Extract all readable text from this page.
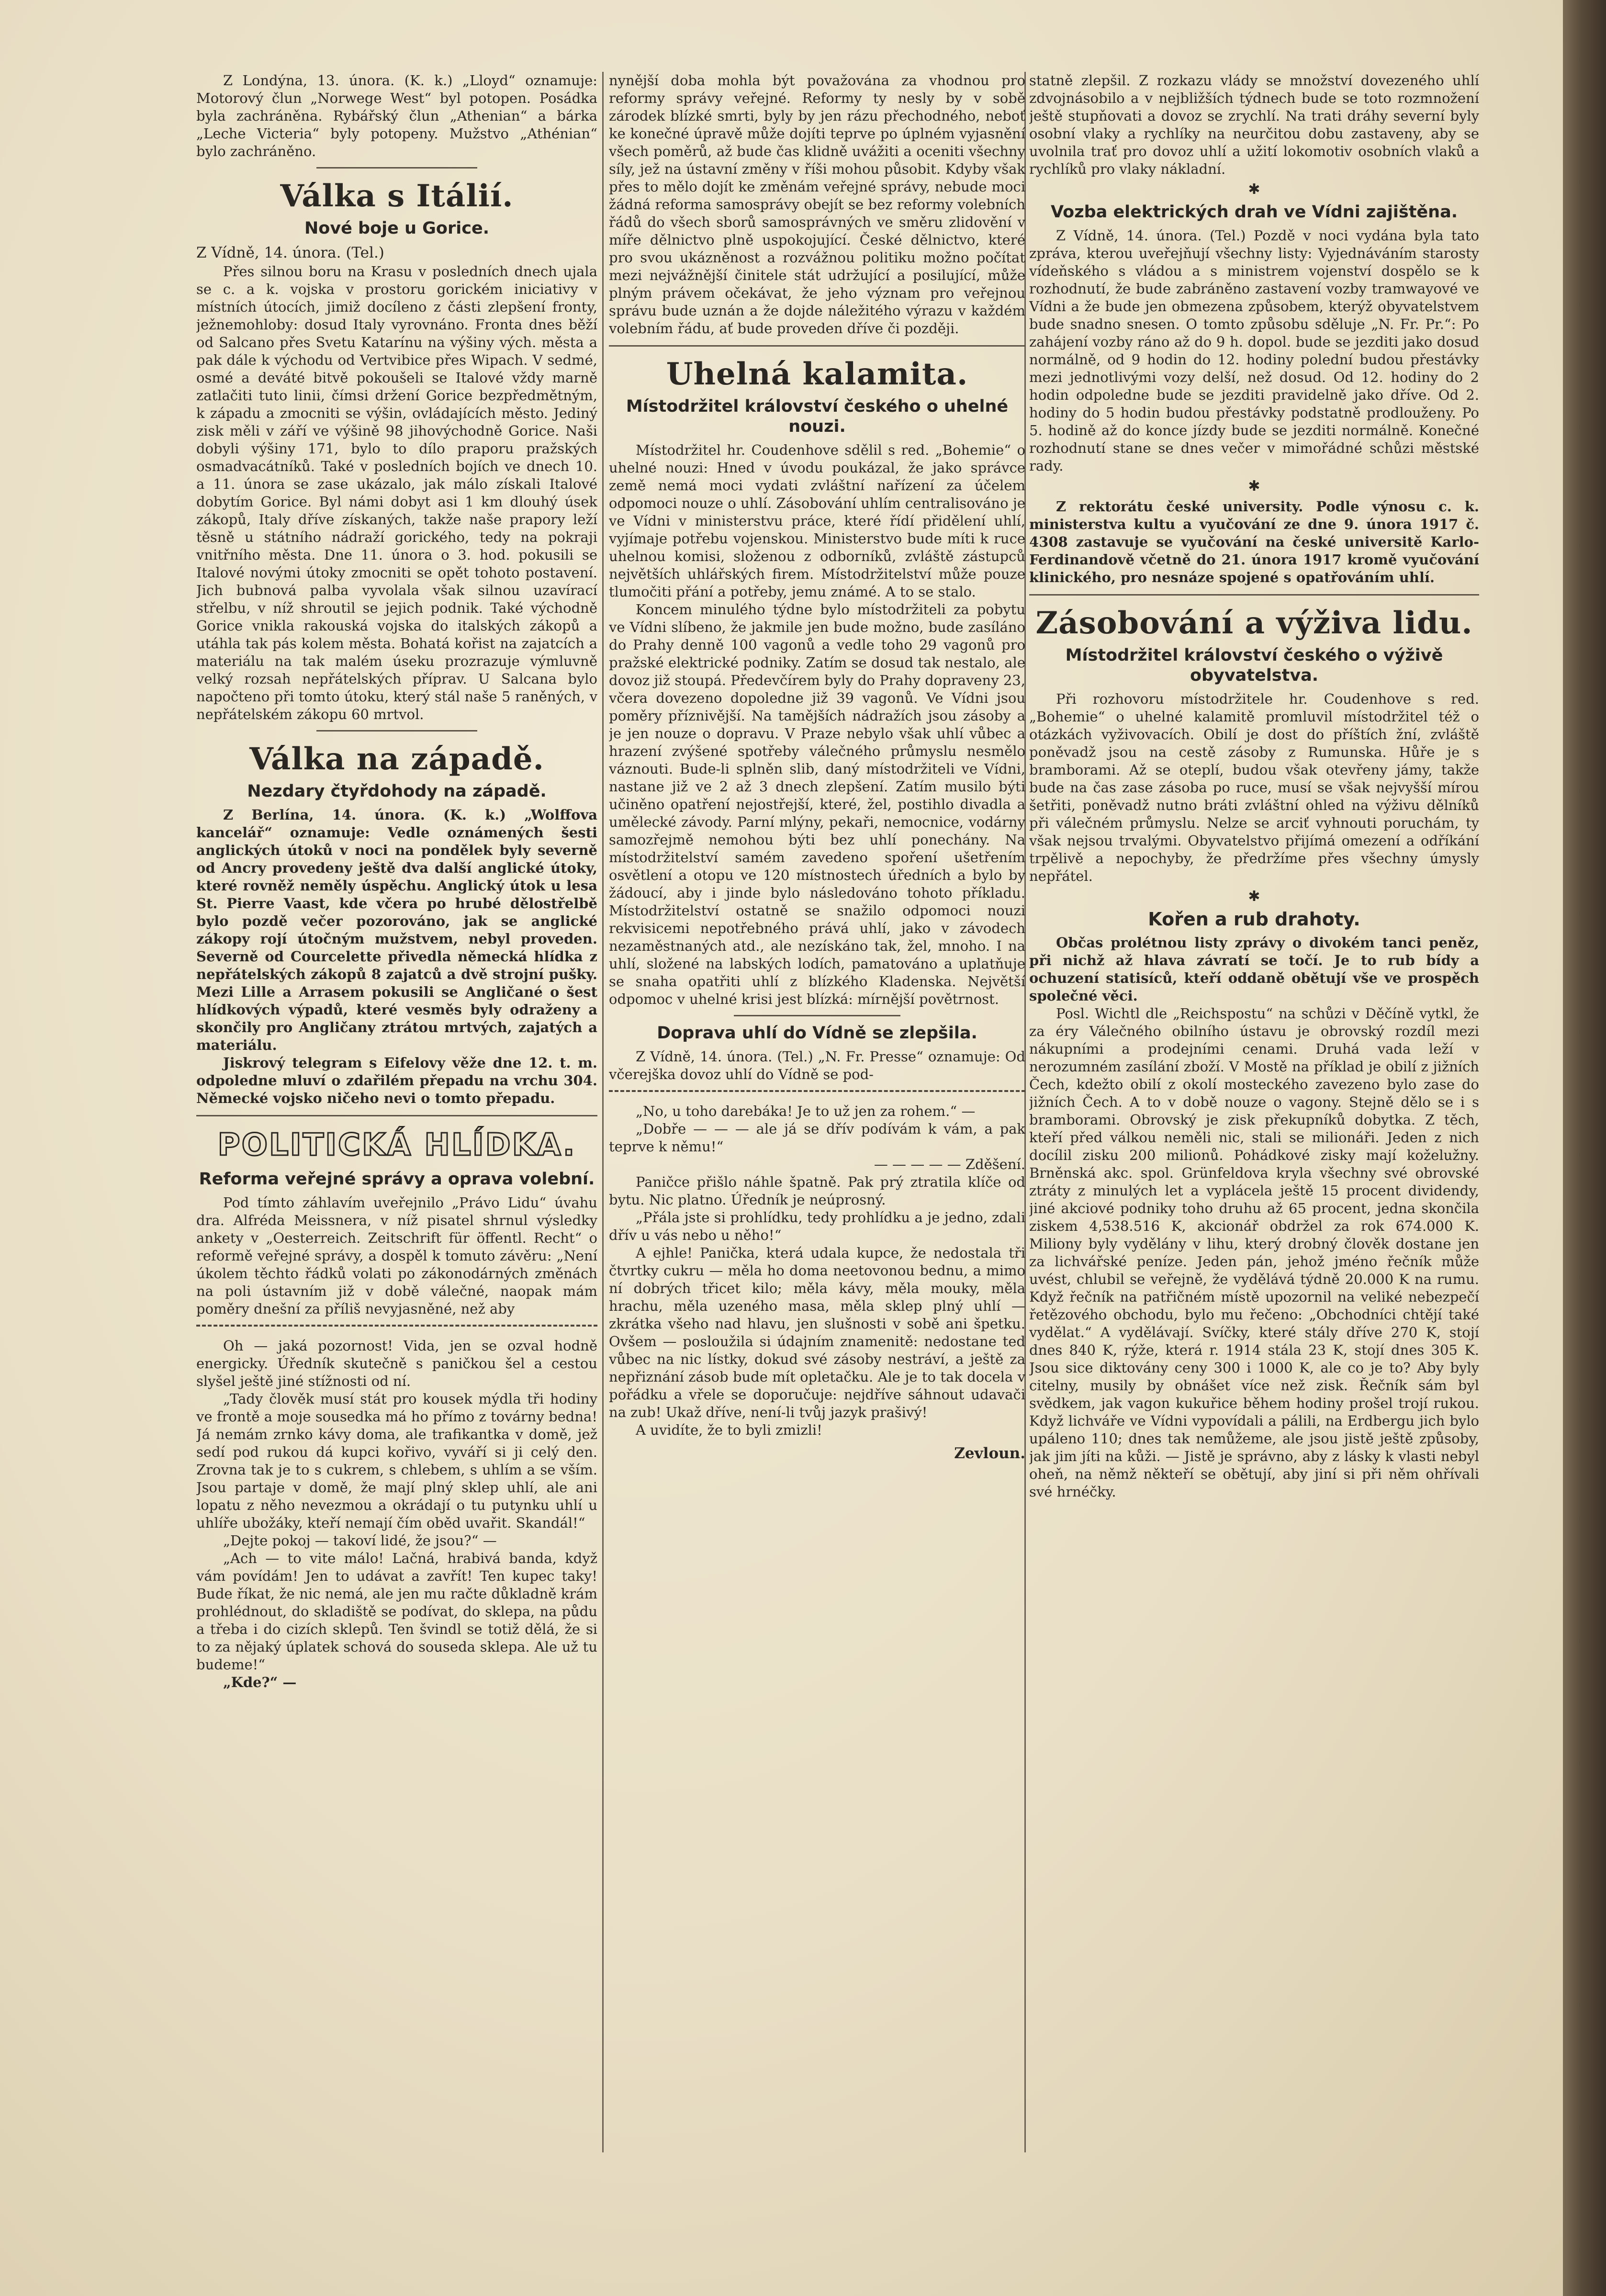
Z Londýna, 13. února. (K. k.) „Lloyd“ oznamuje: Motorový člun „Norwege West“ byl potopen. Posádka byla zachráněna. Rybářský člun „Athenian“ a bárka „Leche Victeria“ byly potopeny. Mužstvo „Athénian“ bylo zachráněno.

Válka s Itálií.
Nové boje u Gorice.

Z Vídně, 14. února. (Tel.)

Přes silnou boru na Krasu v posledních dnech ujala se c. a k. vojska v prostoru gorickém iniciativy v místních útocích, jimiž docíleno z části zlepšení fronty, ježnemohloby: dosud Italy vyrovnáno. Fronta dnes běží od Salcano přes Svetu Katarínu na výšiny vých. města a pak dále k východu od Vertvibice přes Wipach. V sedmé, osmé a deváté bitvě pokoušeli se Italové vždy marně zatlačiti tuto linii, čímsi držení Gorice bezpředmětným, k západu a zmocniti se výšin, ovládajících město. Jediný zisk měli v září ve výšině 98 jihovýchodně Gorice. Naši dobyli výšiny 171, bylo to dílo praporu pražských osmadvacátníků. Také v posledních bojích ve dnech 10. a 11. února se zase ukázalo, jak málo získali Italové dobytím Gorice. Byl námi dobyt asi 1 km dlouhý úsek zákopů, Italy dříve získaných, takže naše prapory leží těsně u státního nádraží gorického, tedy na pokraji vnitřního města. Dne 11. února o 3. hod. pokusili se Italové novými útoky zmocniti se opět tohoto postavení. Jich bubnová palba vyvolala však silnou uzavírací střelbu, v níž shroutil se jejich podnik. Také východně Gorice vnikla rakouská vojska do italských zákopů a utáhla tak pás kolem města. Bohatá kořist na zajatcích a materiálu na tak malém úseku prozrazuje výmluvně velký rozsah nepřátelských příprav. U Salcana bylo napočteno při tomto útoku, který stál naše 5 raněných, v nepřátelském zákopu 60 mrtvol.

Válka na západě.
Nezdary čtyřdohody na západě.

Z Berlína, 14. února. (K. k.) „Wolffova kancelář“ oznamuje: Vedle oznámených šesti anglických útoků v noci na pondělek byly severně od Ancry provedeny ještě dva další anglické útoky, které rovněž neměly úspěchu. Anglický útok u lesa St. Pierre Vaast, kde včera po hrubé dělostřelbě bylo pozdě večer pozorováno, jak se anglické zákopy rojí útočným mužstvem, nebyl proveden. Severně od Courcelette přivedla německá hlídka z nepřátelských zákopů 8 zajatců a dvě strojní pušky. Mezi Lille a Arrasem pokusili se Angličané o šest hlídkových výpadů, které vesměs byly odraženy a skončily pro Angličany ztrátou mrtvých, zajatých a materiálu.

Jiskrový telegram s Eifelovy věže dne 12. t. m. odpoledne mluví o zdařilém přepadu na vrchu 304. Německé vojsko ničeho nevi o tomto přepadu.

POLITICKÁ HLÍDKA.
Reforma veřejné správy a oprava volební.

Pod tímto záhlavím uveřejnilo „Právo Lidu“ úvahu dra. Alfréda Meissnera, v níž pisatel shrnul výsledky ankety v „Oesterreich. Zeitschrift für öffentl. Recht“ o reformě veřejné správy, a dospěl k tomuto závěru: „Není úkolem těchto řádků volati po zákonodárných změnách na poli ústavním již v době válečné, naopak mám poměry dnešní za příliš nevyjasněné, než aby

Oh — jaká pozornost! Vida, jen se ozval hodně energicky. Úředník skutečně s paničkou šel a cestou slyšel ještě jiné stížnosti od ní.

„Tady člověk musí stát pro kousek mýdla tři hodiny ve frontě a moje sousedka má ho přímo z továrny bedna! Já nemám zrnko kávy doma, ale trafikantka v domě, jež sedí pod rukou dá kupci kořivo, vyváří si ji celý den. Zrovna tak je to s cukrem, s chlebem, s uhlím a se vším. Jsou partaje v domě, že mají plný sklep uhlí, ale ani lopatu z něho nevezmou a okrádají o tu putynku uhlí u uhlíře ubožáky, kteří nemají čím oběd uvařit. Skandál!“

„Dejte pokoj — takoví lidé, že jsou?“ —

„Ach — to vite málo! Lačná, hrabivá banda, když vám povídám! Jen to udávat a zavřít! Ten kupec taky! Bude říkat, že nic nemá, ale jen mu račte důkladně krám prohlédnout, do skladiště se podívat, do sklepa, na půdu a třeba i do cizích sklepů. Ten švindl se totiž dělá, že si to za nějaký úplatek schová do souseda sklepa. Ale už tu budeme!“

„Kde?“ —

nynější doba mohla být považována za vhodnou pro reformy správy veřejné. Reformy ty nesly by v sobě zárodek blízké smrti, byly by jen rázu přechodného, neboť ke konečné úpravě může dojíti teprve po úplném vyjasnění všech poměrů, až bude čas klidně uvážiti a oceniti všechny síly, jež na ústavní změny v říši mohou působit. Kdyby však přes to mělo dojít ke změnám veřejné správy, nebude moci žádná reforma samosprávy obejít se bez reformy volebních řádů do všech sborů samosprávných ve směru zlidovění v míře dělnictvo plně uspokojující. České dělnictvo, které pro svou ukázněnost a rozvážnou politiku možno počítat mezi nejvážnější činitele stát udržující a posilující, může plným právem očekávat, že jeho význam pro veřejnou správu bude uznán a že dojde náležitého výrazu v každém volebním řádu, ať bude proveden dříve či později.

Uhelná kalamita.
Místodržitel království českého o uhelné nouzi.

Místodržitel hr. Coudenhove sdělil s red. „Bohemie“ o uhelné nouzi: Hned v úvodu poukázal, že jako správce země nemá moci vydati zvláštní nařízení za účelem odpomoci nouze o uhlí. Zásobování uhlím centralisováno je ve Vídni v ministerstvu práce, které řídí přidělení uhlí, vyjímaje potřebu vojenskou. Ministerstvo bude míti k ruce uhelnou komisi, složenou z odborníků, zvláště zástupců největších uhlářských firem. Místodržitelství může pouze tlumočiti přání a potřeby, jemu známé. A to se stalo.

Koncem minulého týdne bylo místodržiteli za pobytu ve Vídni slíbeno, že jakmile jen bude možno, bude zasíláno do Prahy denně 100 vagonů a vedle toho 29 vagonů pro pražské elektrické podniky. Zatím se dosud tak nestalo, ale dovoz již stoupá. Předevčírem byly do Prahy dopraveny 23, včera dovezeno dopoledne již 39 vagonů. Ve Vídni jsou poměry příznivější. Na tamějších nádražích jsou zásoby a je jen nouze o dopravu. V Praze nebylo však uhlí vůbec a hrazení zvýšené spotřeby válečného průmyslu nesmělo váznouti. Bude-li splněn slib, daný místodržiteli ve Vídni, nastane již ve 2 až 3 dnech zlepšení. Zatím musilo býti učiněno opatření nejostřejší, které, žel, postihlo divadla a umělecké závody. Parní mlýny, pekaři, nemocnice, vodárny samozřejmě nemohou býti bez uhlí ponechány. Na místodržitelství samém zavedeno spoření ušetřením osvětlení a otopu ve 120 místnostech úředních a bylo by žádoucí, aby i jinde bylo následováno tohoto příkladu. Místodržitelství ostatně se snažilo odpomoci nouzi rekvisicemi nepotřebného prává uhlí, jako v závodech nezaměstnaných atd., ale nezískáno tak, žel, mnoho. I na uhlí, složené na labských lodích, pamatováno a uplatňuje se snaha opatřiti uhlí z blízkého Kladenska. Největší odpomoc v uhelné krisi jest blízká: mírnější povětrnost.

Doprava uhlí do Vídně se zlepšila.

Z Vídně, 14. února. (Tel.) „N. Fr. Presse“ oznamuje: Od včerejška dovoz uhlí do Vídně se pod-

„No, u toho darebáka! Je to už jen za rohem.“ —

„Dobře — — — ale já se dřív podívám k vám, a pak teprve k němu!“

— — — — — Zděšení.

Paničce přišlo náhle špatně. Pak prý ztratila klíče od bytu. Nic platno. Úředník je neúprosný.

„Přála jste si prohlídku, tedy prohlídku a je jedno, zdali dřív u vás nebo u něho!“

A ejhle! Panička, která udala kupce, že nedostala tři čtvrtky cukru — měla ho doma neetovonou bednu, a mimo ní dobrých třicet kilo; měla kávy, měla mouky, měla hrachu, měla uzeného masa, měla sklep plný uhlí — zkrátka všeho nad hlavu, jen slušnosti v sobě ani špetku. Ovšem — posloužila si údajním znamenitě: nedostane teď vůbec na nic lístky, dokud své zásoby nestráví, a ještě za nepřiznání zásob bude mít opletačku. Ale je to tak docela v pořádku a vřele se doporučuje: nejdříve sáhnout udavači na zub! Ukaž dříve, není-li tvůj jazyk prašivý!

A uvidíte, že to byli zmizli!

Zevloun.

statně zlepšil. Z rozkazu vlády se množství dovezeného uhlí zdvojnásobilo a v nejbližších týdnech bude se toto rozmnožení ještě stupňovati a dovoz se zrychlí. Na trati dráhy severní byly osobní vlaky a rychlíky na neurčitou dobu zastaveny, aby se uvolnila trať pro dovoz uhlí a užití lokomotiv osobních vlaků a rychlíků pro vlaky nákladní.

✱
Vozba elektrických drah ve Vídni zajištěna.

Z Vídně, 14. února. (Tel.) Pozdě v noci vydána byla tato zpráva, kterou uveřejňují všechny listy: Vyjednáváním starosty vídeňského s vládou a s ministrem vojenství dospělo se k rozhodnutí, že bude zabráněno zastavení vozby tramwayové ve Vídni a že bude jen obmezena způsobem, kterýž obyvatelstvem bude snadno snesen. O tomto způsobu sděluje „N. Fr. Pr.“: Po zahájení vozby ráno až do 9 h. dopol. bude se jezditi jako dosud normálně, od 9 hodin do 12. hodiny polední budou přestávky mezi jednotlivými vozy delší, než dosud. Od 12. hodiny do 2 hodin odpoledne bude se jezditi pravidelně jako dříve. Od 2. hodiny do 5 hodin budou přestávky podstatně prodlouženy. Po 5. hodině až do konce jízdy bude se jezditi normálně. Konečné rozhodnutí stane se dnes večer v mimořádné schůzi městské rady.

✱

Z rektorátu české university. Podle výnosu c. k. ministerstva kultu a vyučování ze dne 9. února 1917 č. 4308 zastavuje se vyučování na české universitě Karlo-Ferdinandově včetně do 21. února 1917 kromě vyučování klinického, pro nesnáze spojené s opatřováním uhlí.

Zásobování a výživa lidu.
Místodržitel království českého o výživě obyvatelstva.

Při rozhovoru místodržitele hr. Coudenhove s red. „Bohemie“ o uhelné kalamitě promluvil místodržitel též o otázkách vyživovacích. Obilí je dost do příštích žní, zvláště poněvadž jsou na cestě zásoby z Rumunska. Hůře je s bramborami. Až se oteplí, budou však otevřeny jámy, takže bude na čas zase zásoba po ruce, musí se však nejvyšší mírou šetřiti, poněvadž nutno bráti zvláštní ohled na výživu dělníků při válečném průmyslu. Nelze se arciť vyhnouti poruchám, ty však nejsou trvalými. Obyvatelstvo přijímá omezení a odříkání trpělivě a nepochyby, že předržíme přes všechny úmysly nepřátel.

✱
Kořen a rub drahoty.

Občas prolétnou listy zprávy o divokém tanci peněz, při nichž až hlava závratí se točí. Je to rub bídy a ochuzení statisíců, kteří oddaně obětují vše ve prospěch společné věci.

Posl. Wichtl dle „Reichspostu“ na schůzi v Děčíně vytkl, že za éry Válečného obilního ústavu je obrovský rozdíl mezi nákupními a prodejními cenami. Druhá vada leží v nerozumném zasílání zboží. V Mostě na příklad je obilí z jižních Čech, kdežto obilí z okolí mosteckého zavezeno bylo zase do jižních Čech. A to v době nouze o vagony. Stejně dělo se i s bramborami. Obrovský je zisk překupníků dobytka. Z těch, kteří před válkou neměli nic, stali se milionáři. Jeden z nich docílil zisku 200 milionů. Pohádkové zisky mají koželužny. Brněnská akc. spol. Grünfeldova kryla všechny své obrovské ztráty z minulých let a vyplácela ještě 15 procent dividendy, jiné akciové podniky toho druhu až 65 procent, jedna skončila ziskem 4,538.516 K, akcionář obdržel za rok 674.000 K. Miliony byly vydělány v lihu, který drobný člověk dostane jen za lichvářské peníze. Jeden pán, jehož jméno řečník může uvést, chlubil se veřejně, že vydělává týdně 20.000 K na rumu. Když řečník na patřičném místě upozornil na veliké nebezpečí řetězového obchodu, bylo mu řečeno: „Obchodníci chtějí také vydělat.“ A vydělávají. Svíčky, které stály dříve 270 K, stojí dnes 840 K, rýže, která r. 1914 stála 23 K, stojí dnes 305 K. Jsou sice diktovány ceny 300 i 1000 K, ale co je to? Aby byly citelny, musily by obnášet více než zisk. Řečník sám byl svědkem, jak vagon kukuřice během hodiny prošel trojí rukou. Když lichváře ve Vídni vypovídali a pálili, na Erdbergu jich bylo upáleno 110; dnes tak nemůžeme, ale jsou jistě ještě způsoby, jak jim jíti na kůži. — Jistě je správno, aby z lásky k vlasti nebyl oheň, na němž někteří se obětují, aby jiní si při něm ohřívali své hrnéčky.
